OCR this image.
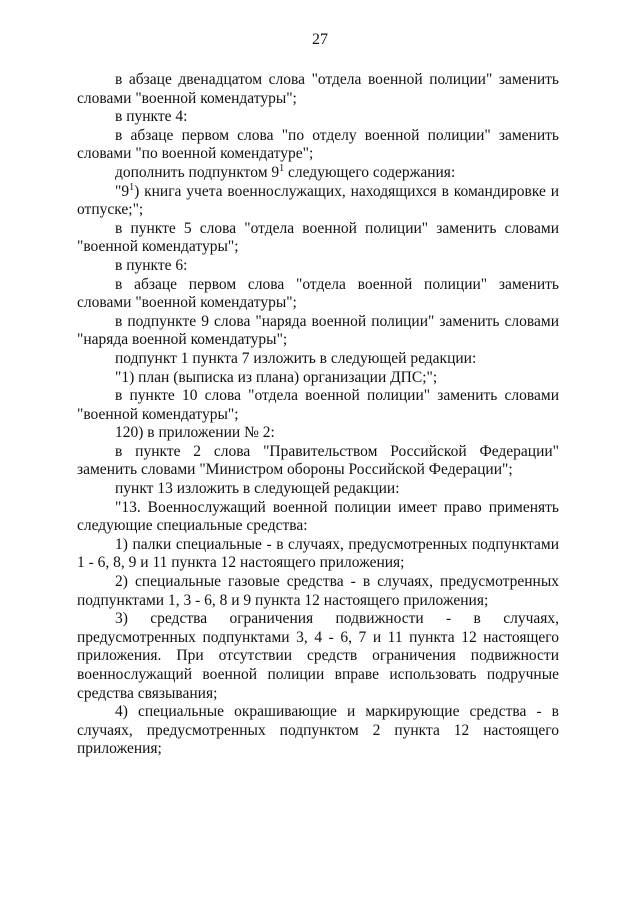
27

в абзаце двенадцатом слова "отдела военной полиции" заменить словами "военной комендатуры";

в пункте 4:

в абзаце первом слова "по отделу военной полиции" заменить словами "по военной комендатуре";

дополнить подпунктом $9^1$ следующего содержания:

"$9^1$) книга учета военнослужащих, находящихся в командировке и отпуске;";

в пункте 5 слова "отдела военной полиции" заменить словами "военной комендатуры";

в пункте 6:

в абзаце первом слова "отдела военной полиции" заменить словами "военной комендатуры";

в подпункте 9 слова "наряда военной полиции" заменить словами "наряда военной комендатуры";

подпункт 1 пункта 7 изложить в следующей редакции:

"1) план (выписка из плана) организации ДПС;";

в пункте 10 слова "отдела военной полиции" заменить словами "военной комендатуры";

120) в приложении № 2:

в пункте 2 слова "Правительством Российской Федерации" заменить словами "Министром обороны Российской Федерации";

пункт 13 изложить в следующей редакции:

"13. Военнослужащий военной полиции имеет право применять следующие специальные средства:

1) палки специальные - в случаях, предусмотренных подпунктами 1 - 6, 8, 9 и 11 пункта 12 настоящего приложения;

2) специальные газовые средства - в случаях, предусмотренных подпунктами 1, 3 - 6, 8 и 9 пункта 12 настоящего приложения;

3) средства ограничения подвижности - в случаях, предусмотренных подпунктами 3, 4 - 6, 7 и 11 пункта 12 настоящего приложения. При отсутствии средств ограничения подвижности военнослужащий военной полиции вправе использовать подручные средства связывания;

4) специальные окрашивающие и маркирующие средства - в случаях, предусмотренных подпунктом 2 пункта 12 настоящего приложения;
